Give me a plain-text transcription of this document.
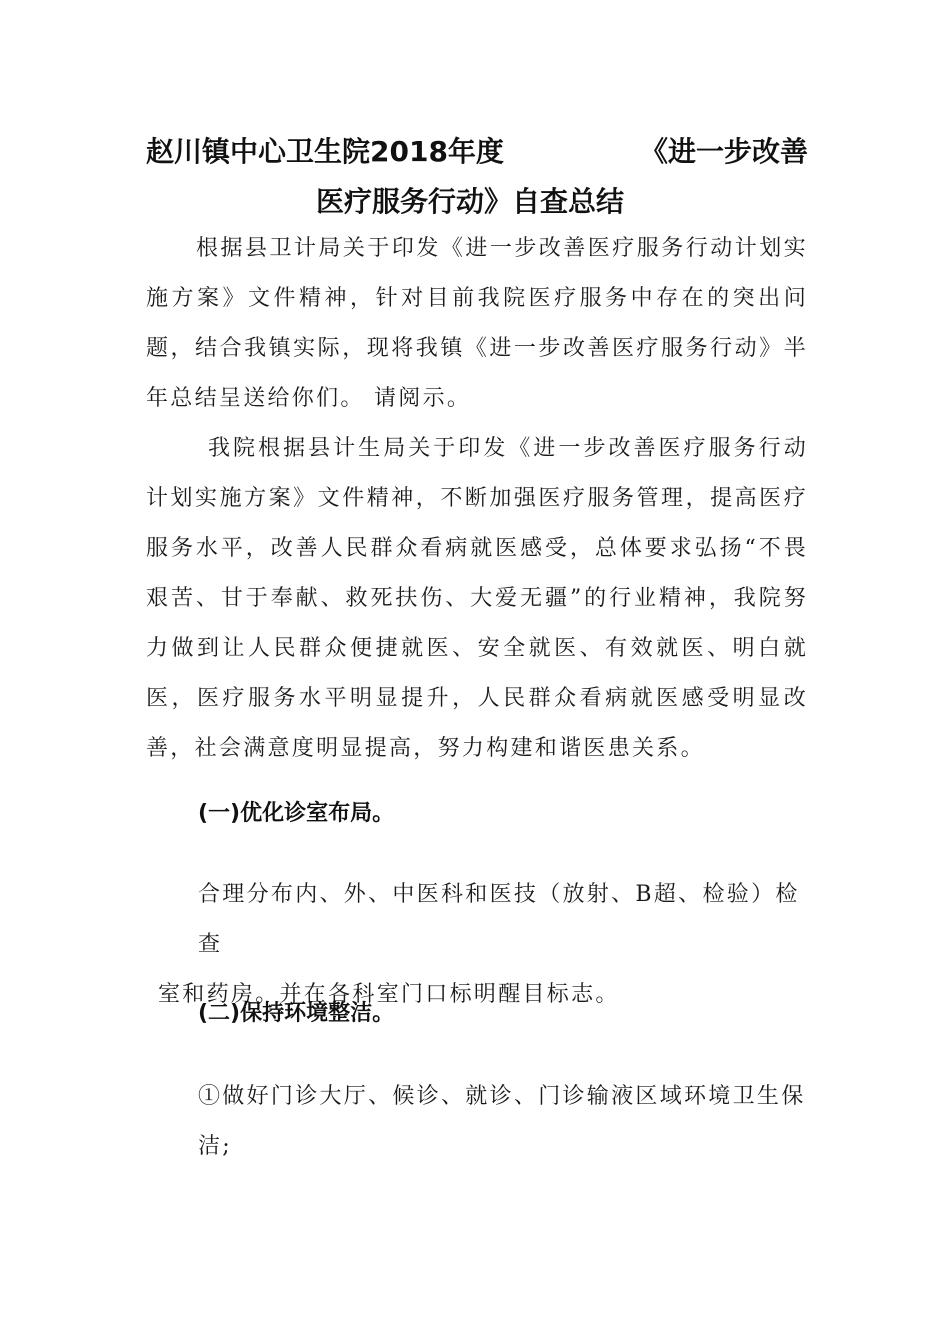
赵川镇中心卫生院2018年度	《进一步改善
医疗服务行动》自查总结

根据县卫计局关于印发《进一步改善医疗服务行动计划实施方案》文件精神，针对目前我院医疗服务中存在的突出问题，结合我镇实际，现将我镇《进一步改善医疗服务行动》半年总结呈送给你们。 请阅示。

我院根据县计生局关于印发《进一步改善医疗服务行动计划实施方案》文件精神，不断加强医疗服务管理，提高医疗服务水平，改善人民群众看病就医感受，总体要求弘扬“不畏艰苦、甘于奉献、救死扶伤、大爱无疆”的行业精神，我院努力做到让人民群众便捷就医、安全就医、有效就医、明白就医，医疗服务水平明显提升，人民群众看病就医感受明显改善，社会满意度明显提高，努力构建和谐医患关系。

(一)优化诊室布局。

合理分布内、外、中医科和医技（放射、B超、检验）检查
室和药房。并在各科室门口标明醒目标志。

(二)保持环境整洁。

①做好门诊大厅、候诊、就诊、门诊输液区域环境卫生保洁;
